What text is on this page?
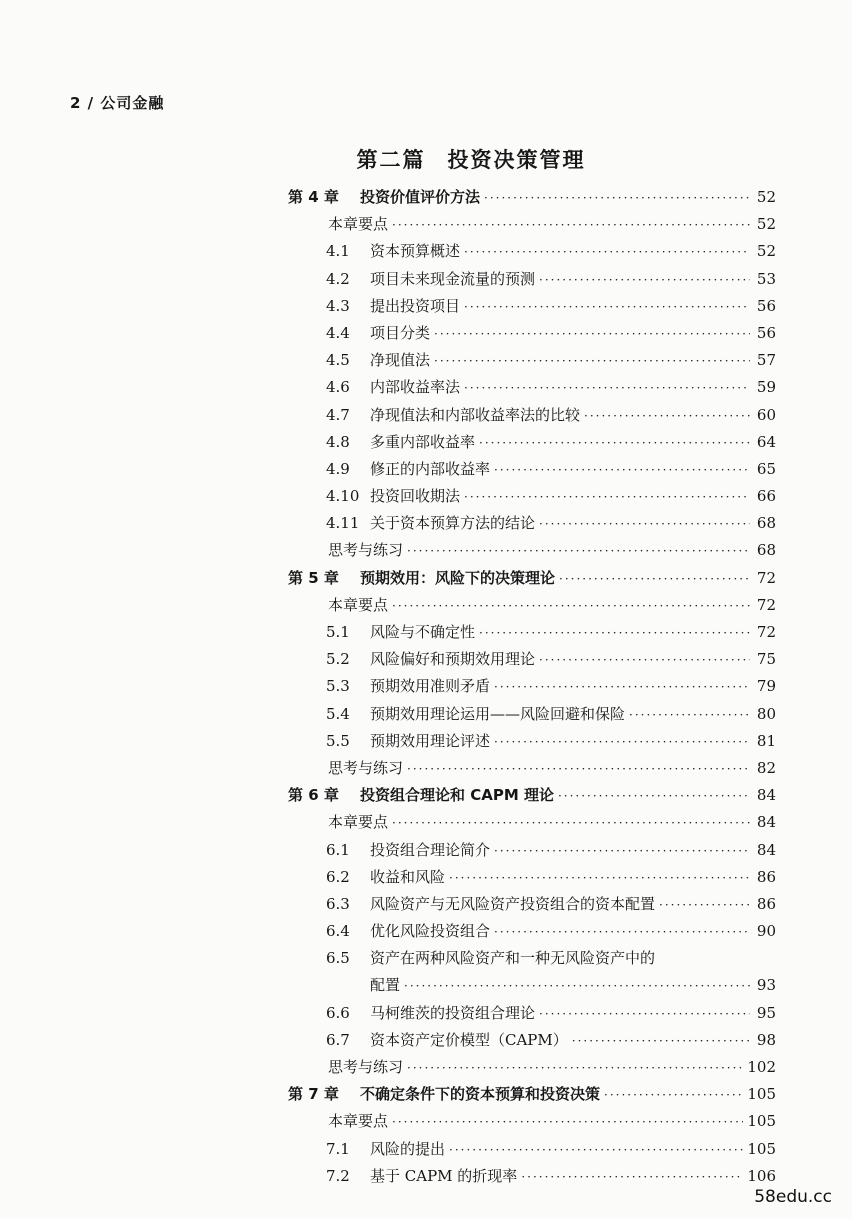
2 / 公司金融
第二篇 投资决策管理
第 4 章	投资价值评价方法 ·····	52
本章要点 ·····	52
4.1	资本预算概述 ·····	52
4.2	项目未来现金流量的预测 ·····	53
4.3	提出投资项目 ·····	56
4.4	项目分类 ·····	56
4.5	净现值法 ·····	57
4.6	内部收益率法 ·····	59
4.7	净现值法和内部收益率法的比较 ·····	60
4.8	多重内部收益率 ·····	64
4.9	修正的内部收益率 ·····	65
4.10 投资回收期法 ·····	66
4.11 关于资本预算方法的结论 ·····	68
思考与练习 ·····	68
第 5 章	预期效用：风险下的决策理论 ·····	72
本章要点 ·····	72
5.1	风险与不确定性 ·····	72
5.2	风险偏好和预期效用理论 ·····	75
5.3	预期效用准则矛盾 ·····	79
5.4	预期效用理论运用——风险回避和保险 ·····	80
5.5	预期效用理论评述 ·····	81
思考与练习 ·····	82
第 6 章	投资组合理论和 CAPM 理论 ·····	84
本章要点 ·····	84
6.1	投资组合理论简介 ·····	84
6.2	收益和风险 ·····	86
6.3	风险资产与无风险资产投资组合的资本配置 ·····	86
6.4	优化风险投资组合 ·····	90
6.5	资产在两种风险资产和一种无风险资产中的
配置 ·····	93
6.6	马柯维茨的投资组合理论 ·····	95
6.7	资本资产定价模型（CAPM） ·····	98
思考与练习 ·····	102
第 7 章	不确定条件下的资本预算和投资决策 ·····	105
本章要点 ·····	105
7.1	风险的提出 ·····	105
7.2	基于 CAPM 的折现率 ·····	106
58edu.cc
